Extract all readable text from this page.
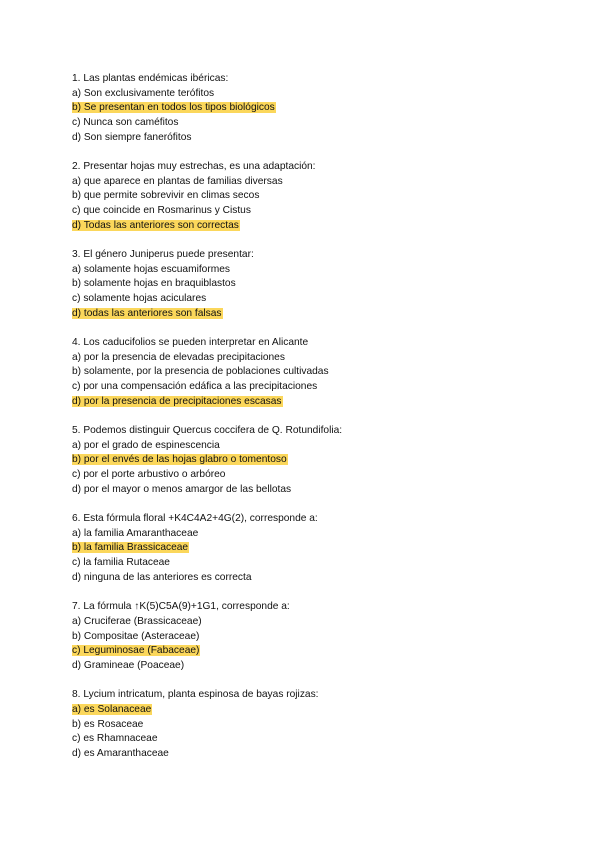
1. Las plantas endémicas ibéricas:
a) Son exclusivamente terófitos
b) Se presentan en todos los tipos biológicos
c) Nunca son caméfitos
d) Son siempre fanerófitos
2. Presentar hojas muy estrechas, es una adaptación:
a) que aparece en plantas de familias diversas
b) que permite sobrevivir en climas secos
c) que coincide en Rosmarinus y Cistus
d) Todas las anteriores son correctas
3. El género Juniperus puede presentar:
a) solamente hojas escuamiformes
b) solamente hojas en braquiblastos
c) solamente hojas aciculares
d) todas las anteriores son falsas
4. Los caducifolios se pueden interpretar en Alicante
a) por la presencia de elevadas precipitaciones
b) solamente, por la presencia de poblaciones cultivadas
c) por una compensación edáfica a las precipitaciones
d) por la presencia de precipitaciones escasas
5. Podemos distinguir Quercus coccifera de Q. Rotundifolia:
a) por el grado de espinescencia
b) por el envés de las hojas glabro o tomentoso
c) por el porte arbustivo o arbóreo
d) por el mayor o menos amargor de las bellotas
6. Esta fórmula floral +K4C4A2+4G(2), corresponde a:
a) la familia Amaranthaceae
b) la familia Brassicaceae
c) la familia Rutaceae
d) ninguna de las anteriores es correcta
7. La fórmula ↑K(5)C5A(9)+1G1, corresponde a:
a) Cruciferae (Brassicaceae)
b) Compositae (Asteraceae)
c) Leguminosae (Fabaceae)
d) Gramineae (Poaceae)
8. Lycium intricatum, planta espinosa de bayas rojizas:
a) es Solanaceae
b) es Rosaceae
c) es Rhamnaceae
d) es Amaranthaceae
